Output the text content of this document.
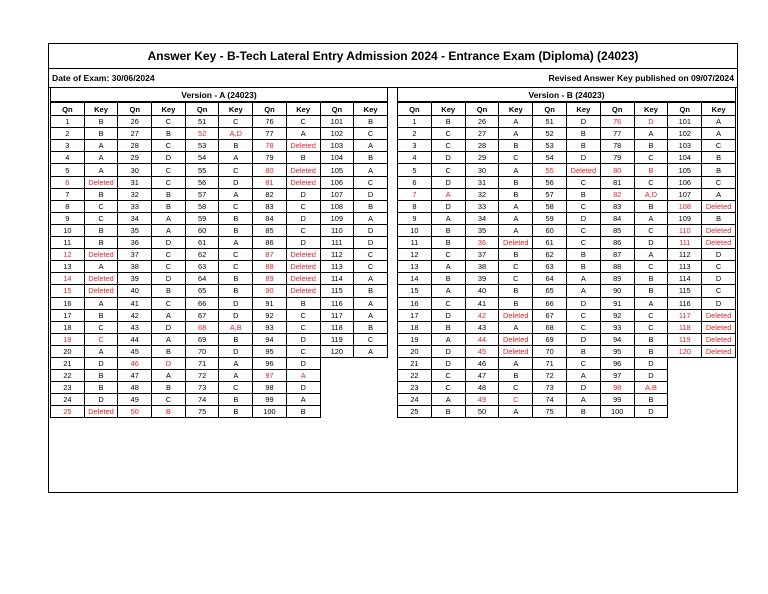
Answer Key - B-Tech Lateral Entry Admission 2024 - Entrance Exam (Diploma) (24023)
Date of Exam: 30/06/2024	Revised Answer Key published on 09/07/2024
Version - A (24023)
Qn	Key	Qn	Key	Qn	Key	Qn	Key	Qn	Key
1	B	26	C	51	C	76	C	101	B
2	B	27	B	52	A,D	77	A	102	C
3	A	28	C	53	B	78	Deleted	103	A
4	A	29	D	54	A	79	B	104	B
5	A	30	C	55	C	80	Deleted	105	A
6	Deleted	31	C	56	D	81	Deleted	106	C
7	B	32	B	57	A	82	D	107	D
8	C	33	B	58	C	83	C	108	B
9	C	34	A	59	B	84	D	109	A
10	B	35	A	60	B	85	C	110	D
11	B	36	D	61	A	86	D	111	D
12	Deleted	37	C	62	C	87	Deleted	112	C
13	A	38	C	63	C	88	Deleted	113	C
14	Deleted	39	D	64	B	89	Deleted	114	A
15	Deleted	40	B	65	B	90	Deleted	115	B
16	A	41	C	66	D	91	B	116	A
17	B	42	A	67	D	92	C	117	A
18	C	43	D	68	A,B	93	C	118	B
19	C	44	A	69	B	94	D	119	C
20	A	45	B	70	D	95	C	120	A
21	D	46	D	71	A	96	D		
22	B	47	A	72	A	97	A		
23	B	48	B	73	C	98	D		
24	D	49	C	74	B	99	A		
25	Deleted	50	B	75	B	100	B		
Version - B (24023)
Qn	Key	Qn	Key	Qn	Key	Qn	Key	Qn	Key
1	B	26	A	51	D	76	D	101	A
2	C	27	A	52	B	77	A	102	A
3	C	28	B	53	B	78	B	103	C
4	D	29	C	54	D	79	C	104	B
5	C	30	A	55	Deleted	80	B	105	B
6	D	31	B	56	C	81	C	106	C
7	A	32	B	57	B	82	A,D	107	A
8	D	33	A	58	C	83	B	108	Deleted
9	A	34	A	59	D	84	A	109	B
10	B	35	A	60	C	85	C	110	Deleted
11	B	36	Deleted	61	C	86	D	111	Deleted
12	C	37	B	62	B	87	A	112	D
13	A	38	C	63	B	88	C	113	C
14	B	39	C	64	A	89	B	114	D
15	A	40	B	65	A	90	B	115	C
16	C	41	B	66	D	91	A	116	D
17	D	42	Deleted	67	C	92	C	117	Deleted
18	B	43	A	68	C	93	C	118	Deleted
19	A	44	Deleted	69	D	94	B	119	Deleted
20	D	45	Deleted	70	B	95	B	120	Deleted
21	D	46	A	71	C	96	D		
22	C	47	B	72	A	97	D		
23	C	48	C	73	D	98	A,B		
24	A	49	C	74	A	99	B		
25	B	50	A	75	B	100	D		
